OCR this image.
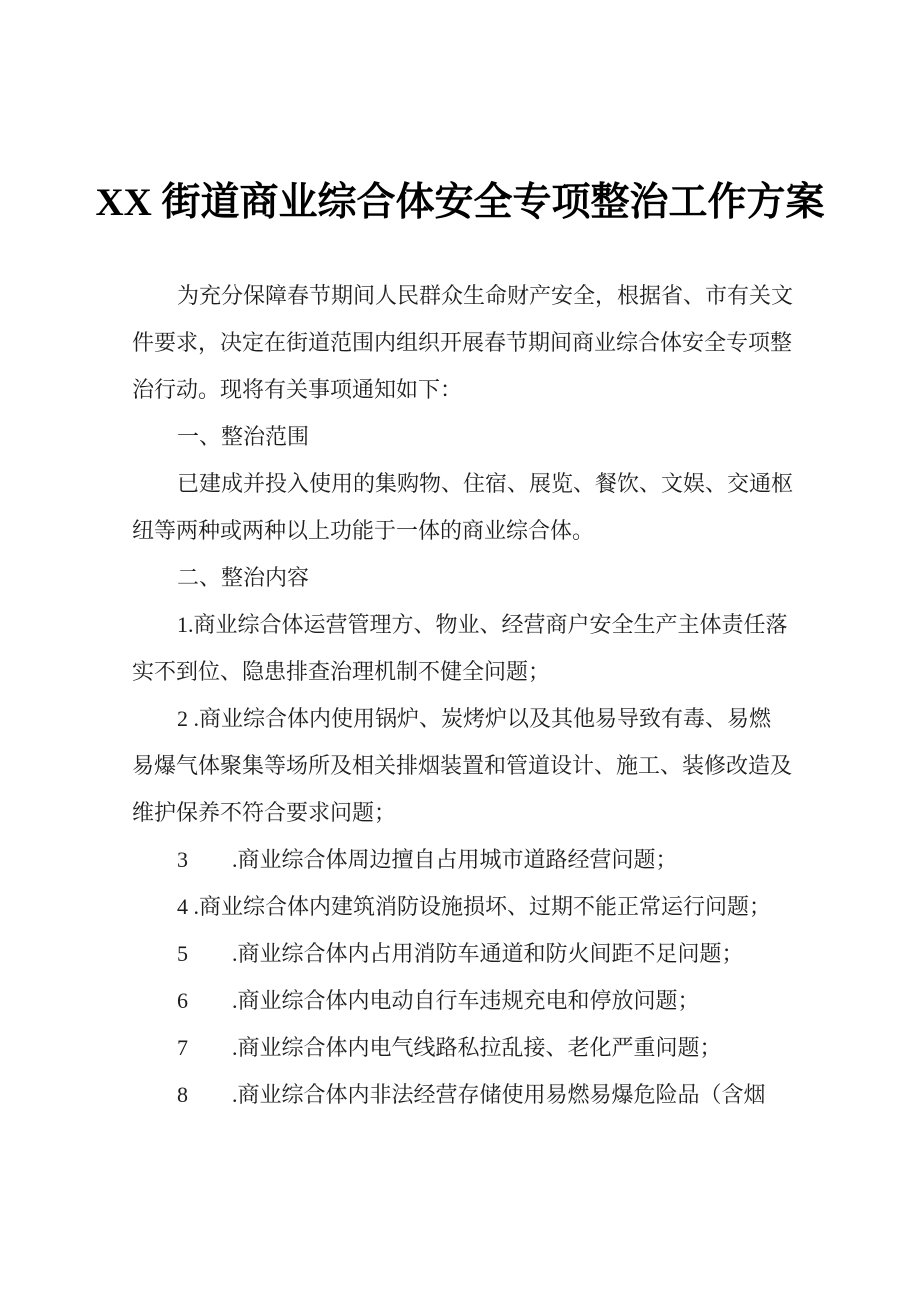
XX 街道商业综合体安全专项整治工作方案
为充分保障春节期间人民群众生命财产安全，根据省、市有关文
件要求，决定在街道范围内组织开展春节期间商业综合体安全专项整
治行动。现将有关事项通知如下：
一、整治范围
已建成并投入使用的集购物、住宿、展览、餐饮、文娱、交通枢
纽等两种或两种以上功能于一体的商业综合体。
二、整治内容
1.商业综合体运营管理方、物业、经营商户安全生产主体责任落
实不到位、隐患排查治理机制不健全问题；
2 .商业综合体内使用锅炉、炭烤炉以及其他易导致有毒、易燃
易爆气体聚集等场所及相关排烟装置和管道设计、施工、装修改造及
维护保养不符合要求问题；
3　　.商业综合体周边擅自占用城市道路经营问题；
4 .商业综合体内建筑消防设施损坏、过期不能正常运行问题；
5　　.商业综合体内占用消防车通道和防火间距不足问题；
6　　.商业综合体内电动自行车违规充电和停放问题；
7　　.商业综合体内电气线路私拉乱接、老化严重问题；
8　　.商业综合体内非法经营存储使用易燃易爆危险品（含烟
